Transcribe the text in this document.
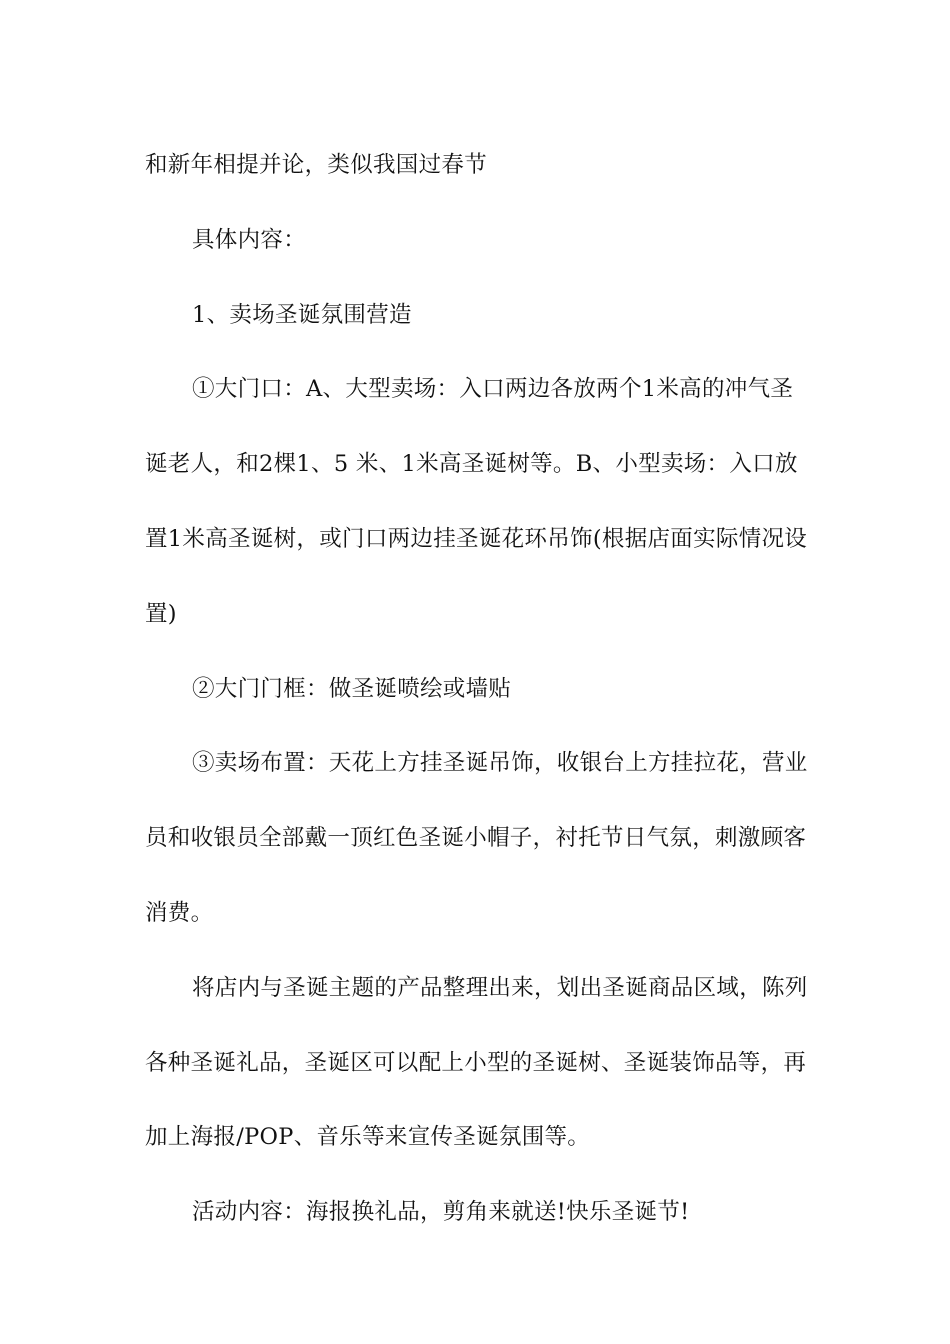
和新年相提并论，类似我国过春节

具体内容：

1、卖场圣诞氛围营造

①大门口：A、大型卖场：入口两边各放两个1米高的冲气圣诞老人，和2棵1、5 米、1米高圣诞树等。B、小型卖场：入口放置1米高圣诞树，或门口两边挂圣诞花环吊饰(根据店面实际情况设置)

②大门门框：做圣诞喷绘或墙贴

③卖场布置：天花上方挂圣诞吊饰，收银台上方挂拉花，营业员和收银员全部戴一顶红色圣诞小帽子，衬托节日气氛，刺激顾客消费。

将店内与圣诞主题的产品整理出来，划出圣诞商品区域，陈列各种圣诞礼品，圣诞区可以配上小型的圣诞树、圣诞装饰品等，再加上海报/POP、音乐等来宣传圣诞氛围等。

活动内容：海报换礼品，剪角来就送!快乐圣诞节!
